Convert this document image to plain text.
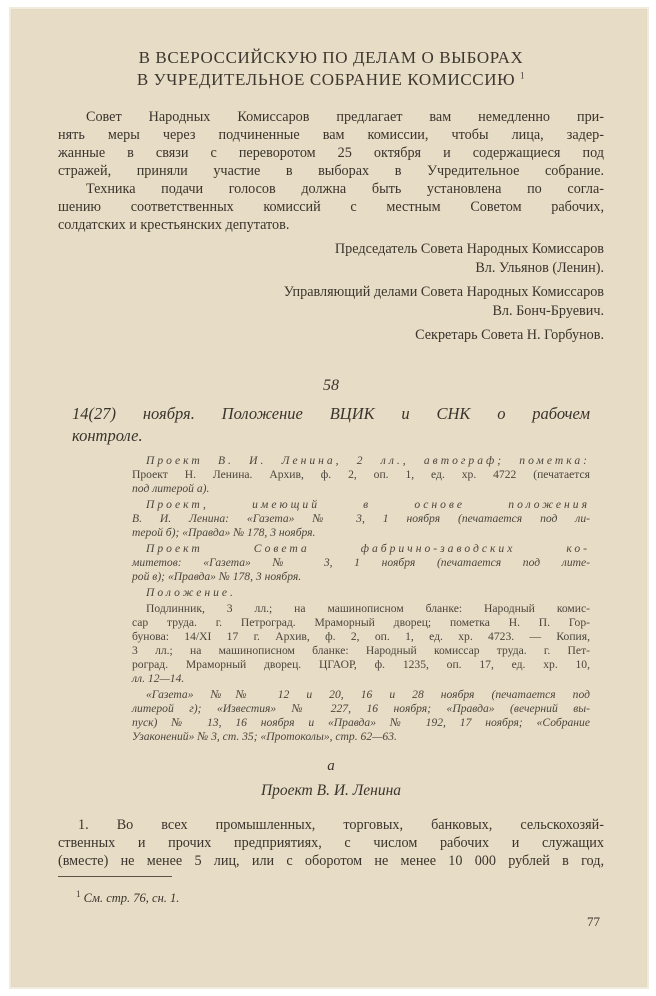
В ВСЕРОССИЙСКУЮ ПО ДЕЛАМ О ВЫБОРАХ
В УЧРЕДИТЕЛЬНОЕ СОБРАНИЕ КОМИССИЮ $^1$
Совет Народных Комиссаров предлагает вам немедленно при-
нять меры через подчиненные вам комиссии, чтобы лица, задер-
жанные в связи с переворотом 25 октября и содержащиеся под
стражей, приняли участие в выборах в Учредительное собрание.
Техника подачи голосов должна быть установлена по согла-
шению соответственных комиссий с местным Советом рабочих,
солдатских и крестьянских депутатов.
Председатель Совета Народных Комиссаров
Вл. Ульянов (Ленин).
Управляющий делами Совета Народных Комиссаров
Вл. Бонч-Бруевич.
Секретарь Совета Н. Горбунов.
58
14(27) ноября. Положение ВЦИК и СНК о рабочем
контроле.
Проект В. И. Ленина, 2 лл., автограф; пометка:
Проект Н. Ленина. Архив, ф. 2, оп. 1, ед. хр. 4722 (печатается
под литерой а).
Проект, имеющий в основе положения
В. И. Ленина: «Газета» № 3, 1 ноября (печатается под ли-
терой б); «Правда» № 178, 3 ноября.
Проект Совета фабрично-заводских ко-
митетов: «Газета» № 3, 1 ноября (печатается под лите-
рой в); «Правда» № 178, 3 ноября.
Положение.
Подлинник, 3 лл.; на машинописном бланке: Народный комис-
сар труда. г. Петроград. Мраморный дворец; пометка Н. П. Гор-
бунова: 14/XI 17 г. Архив, ф. 2, оп. 1, ед. хр. 4723. — Копия,
3 лл.; на машинописном бланке: Народный комиссар труда. г. Пет-
роград. Мраморный дворец. ЦГАОР, ф. 1235, оп. 17, ед. хр. 10,
лл. 12—14.
«Газета» №№ 12 и 20, 16 и 28 ноября (печатается под
литерой г); «Известия» № 227, 16 ноября; «Правда» (вечерний вы-
пуск) № 13, 16 ноября и «Правда» № 192, 17 ноября; «Собрание
Узаконений» № 3, ст. 35; «Протоколы», стр. 62—63.
а
Проект В. И. Ленина
1. Во всех промышленных, торговых, банковых, сельскохозяй-
ственных и прочих предприятиях, с числом рабочих и служащих
(вместе) не менее 5 лиц, или с оборотом не менее 10 000 рублей в год,
$^1$ См. стр. 76, сн. 1.
77
